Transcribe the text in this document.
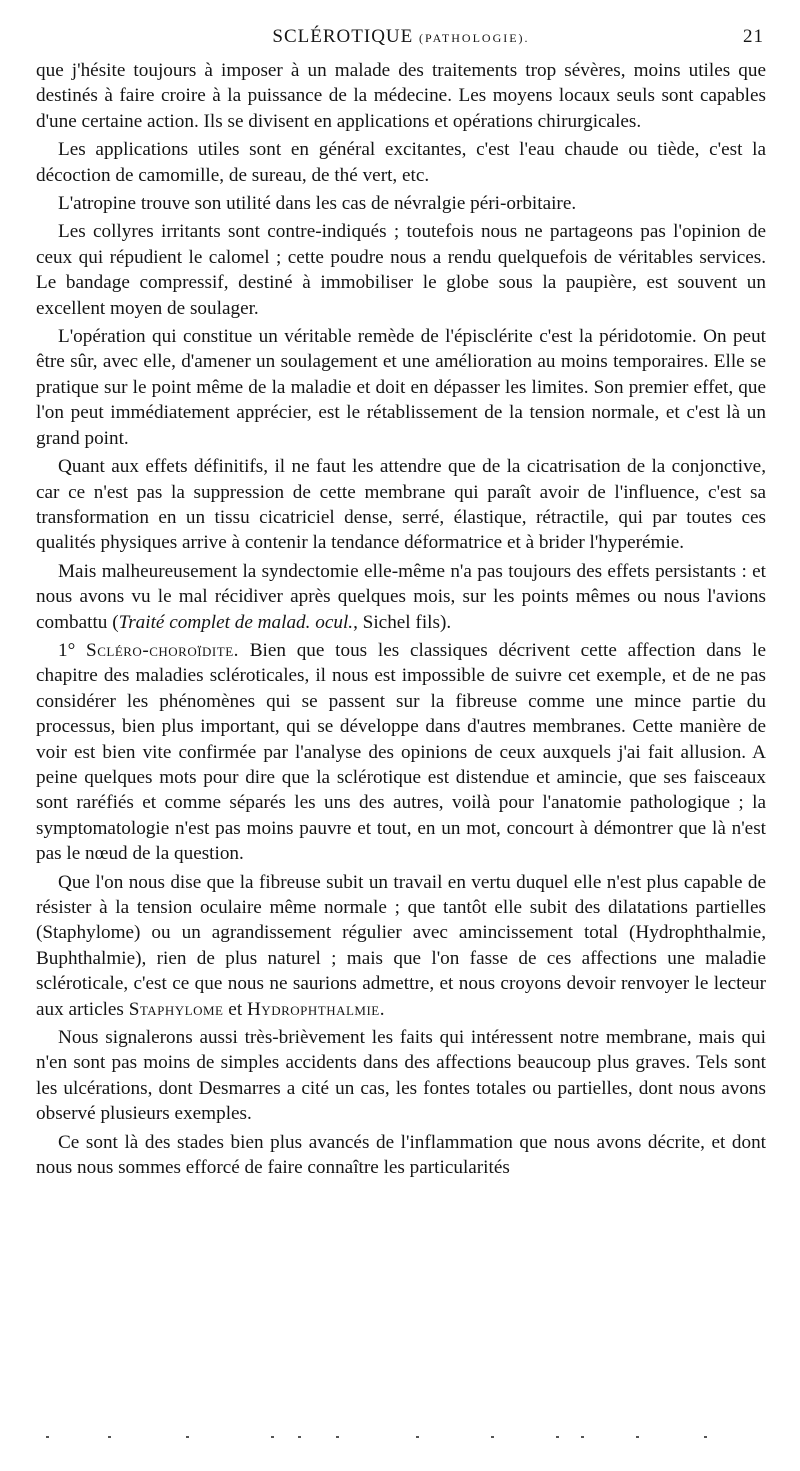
SCLÉROTIQUE (PATHOLOGIE).	21

que j'hésite toujours à imposer à un malade des traitements trop sévères, moins utiles que destinés à faire croire à la puissance de la médecine. Les moyens locaux seuls sont capables d'une certaine action. Ils se divisent en applications et opérations chirurgicales.

Les applications utiles sont en général excitantes, c'est l'eau chaude ou tiède, c'est la décoction de camomille, de sureau, de thé vert, etc.

L'atropine trouve son utilité dans les cas de névralgie péri-orbitaire.

Les collyres irritants sont contre-indiqués ; toutefois nous ne partageons pas l'opinion de ceux qui répudient le calomel ; cette poudre nous a rendu quelquefois de véritables services. Le bandage compressif, destiné à immobiliser le globe sous la paupière, est souvent un excellent moyen de soulager.

L'opération qui constitue un véritable remède de l'épisclérite c'est la péridotomie. On peut être sûr, avec elle, d'amener un soulagement et une amélioration au moins temporaires. Elle se pratique sur le point même de la maladie et doit en dépasser les limites. Son premier effet, que l'on peut immédiatement apprécier, est le rétablissement de la tension normale, et c'est là un grand point.

Quant aux effets définitifs, il ne faut les attendre que de la cicatrisation de la conjonctive, car ce n'est pas la suppression de cette membrane qui paraît avoir de l'influence, c'est sa transformation en un tissu cicatriciel dense, serré, élastique, rétractile, qui par toutes ces qualités physiques arrive à contenir la tendance déformatrice et à brider l'hyperémie.

Mais malheureusement la syndectomie elle-même n'a pas toujours des effets persistants : et nous avons vu le mal récidiver après quelques mois, sur les points mêmes ou nous l'avions combattu (Traité complet de malad. ocul., Sichel fils).

1° Scléro-choroïdite. Bien que tous les classiques décrivent cette affection dans le chapitre des maladies scléroticales, il nous est impossible de suivre cet exemple, et de ne pas considérer les phénomènes qui se passent sur la fibreuse comme une mince partie du processus, bien plus important, qui se développe dans d'autres membranes. Cette manière de voir est bien vite confirmée par l'analyse des opinions de ceux auxquels j'ai fait allusion. A peine quelques mots pour dire que la sclérotique est distendue et amincie, que ses faisceaux sont raréfiés et comme séparés les uns des autres, voilà pour l'anatomie pathologique ; la symptomatologie n'est pas moins pauvre et tout, en un mot, concourt à démontrer que là n'est pas le nœud de la question.

Que l'on nous dise que la fibreuse subit un travail en vertu duquel elle n'est plus capable de résister à la tension oculaire même normale ; que tantôt elle subit des dilatations partielles (Staphylome) ou un agrandissement régulier avec amincissement total (Hydrophthalmie, Buphthalmie), rien de plus naturel ; mais que l'on fasse de ces affections une maladie scléroticale, c'est ce que nous ne saurions admettre, et nous croyons devoir renvoyer le lecteur aux articles Staphylome et Hydrophthalmie.

Nous signalerons aussi très-brièvement les faits qui intéressent notre membrane, mais qui n'en sont pas moins de simples accidents dans des affections beaucoup plus graves. Tels sont les ulcérations, dont Desmarres a cité un cas, les fontes totales ou partielles, dont nous avons observé plusieurs exemples.

Ce sont là des stades bien plus avancés de l'inflammation que nous avons décrite, et dont nous nous sommes efforcé de faire connaître les particularités
